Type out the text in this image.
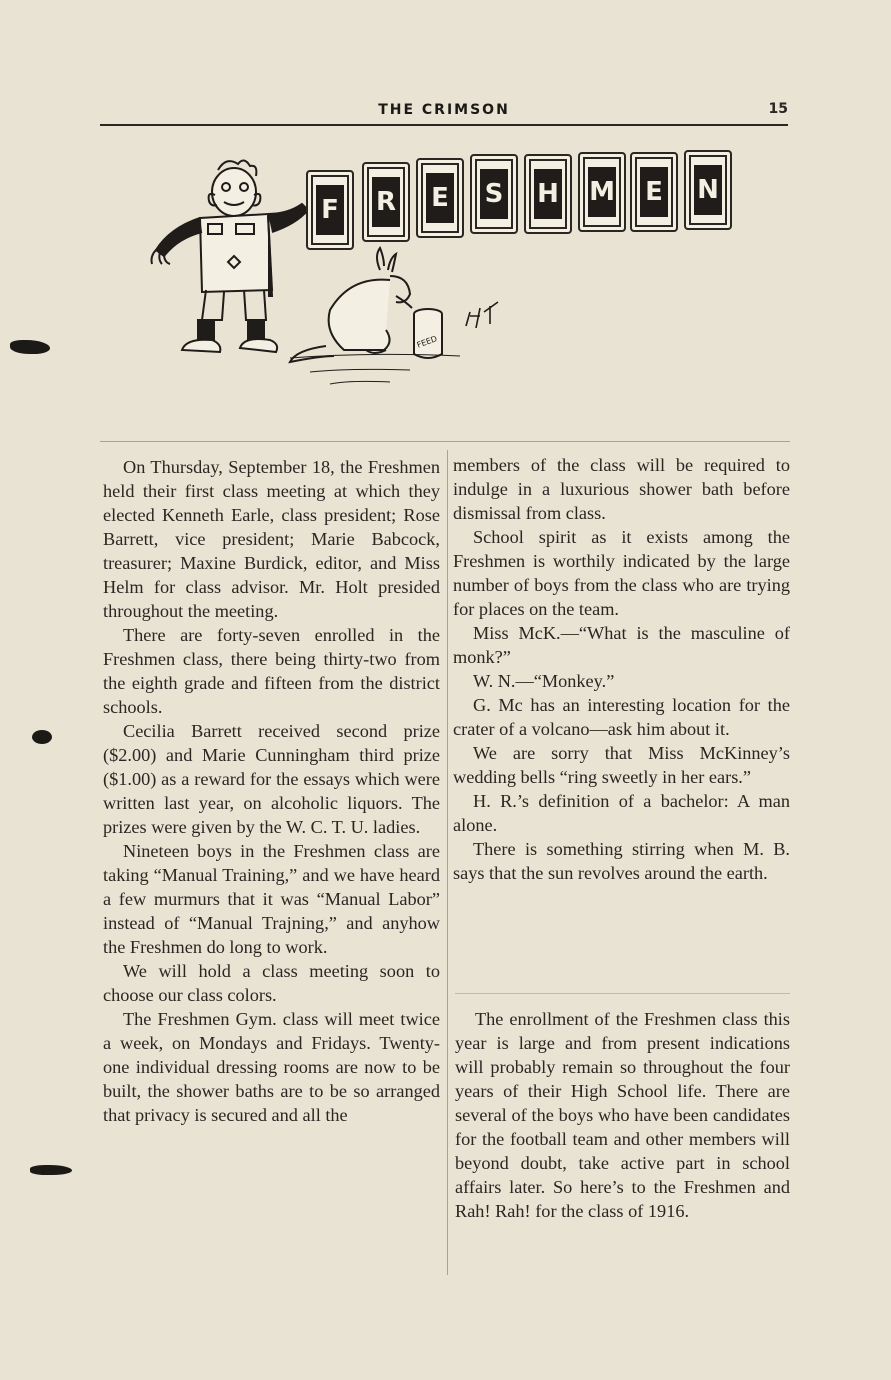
THE CRIMSON	15
FEED
F R E S H M E N

On Thursday, September 18, the Freshmen held their first class meeting at which they elected Kenneth Earle, class president; Rose Barrett, vice president; Marie Babcock, treasurer; Maxine Burdick, editor, and Miss Helm for class advisor. Mr. Holt presided throughout the meeting.

There are forty-seven enrolled in the Freshmen class, there being thirty-two from the eighth grade and fifteen from the district schools.

Cecilia Barrett received second prize ($2.00) and Marie Cunningham third prize ($1.00) as a reward for the essays which were written last year, on alcoholic liquors. The prizes were given by the W. C. T. U. ladies.

Nineteen boys in the Freshmen class are taking “Manual Training,” and we have heard a few murmurs that it was “Manual Labor” instead of “Manual Trajning,” and anyhow the Freshmen do long to work.

We will hold a class meeting soon to choose our class colors.

The Freshmen Gym. class will meet twice a week, on Mondays and Fridays. Twenty-one individual dressing rooms are now to be built, the shower baths are to be so arranged that privacy is secured and all the

members of the class will be required to indulge in a luxurious shower bath before dismissal from class.

School spirit as it exists among the Freshmen is worthily indicated by the large number of boys from the class who are trying for places on the team.

Miss McK.—“What is the masculine of monk?”

W. N.—“Monkey.”

G. Mc has an interesting location for the crater of a volcano—ask him about it.

We are sorry that Miss McKinney’s wedding bells “ring sweetly in her ears.”

H. R.’s definition of a bachelor: A man alone.

There is something stirring when M. B. says that the sun revolves around the earth.

The enrollment of the Freshmen class this year is large and from present indications will probably remain so throughout the four years of their High School life. There are several of the boys who have been candidates for the football team and other members will beyond doubt, take active part in school affairs later. So here’s to the Freshmen and Rah! Rah! for the class of 1916.
